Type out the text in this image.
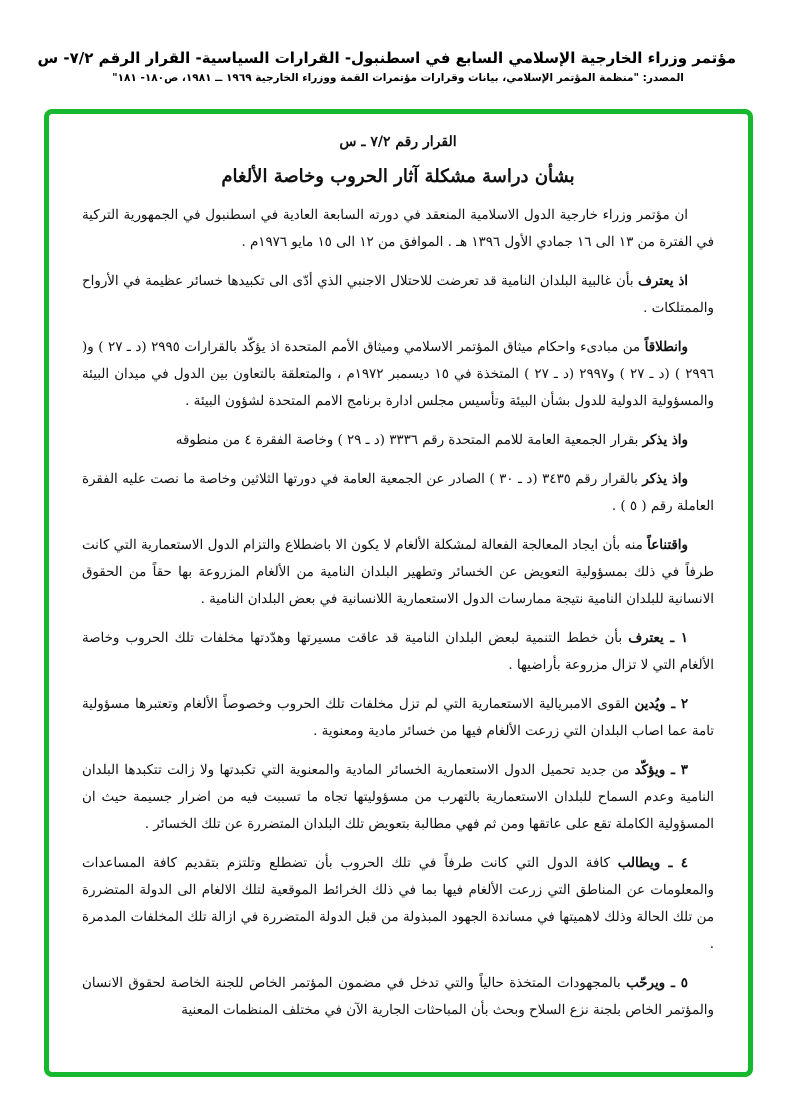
مؤتمر وزراء الخارجية الإسلامي السابع في اسطنبول- القرارات السياسية- القرار الرقم ٧/٢- س
المصدر: "منظمة المؤتمر الإسلامي، بيانات وقرارات مؤتمرات القمة ووزراء الخارجية ١٩٦٩ ــ ١٩٨١، ص١٨٠- ١٨١"
القرار رقم ٧/٢ ـ س
بشأن دراسة مشكلة آثار الحروب وخاصة الألغام

ان مؤتمر وزراء خارجية الدول الاسلامية المنعقد في دورته السابعة العادية في اسطنبول في الجمهورية التركية في الفترة من ١٣ الى ١٦ جمادي الأول ١٣٩٦ هـ . الموافق من ١٢ الى ١٥ مايو ١٩٧٦م .

اذ يعترف بأن غالبية البلدان النامية قد تعرضت للاحتلال الاجنبي الذي أدّى الى تكبيدها خسائر عظيمة في الأرواح والممتلكات .

وانطلاقاً من مبادىء واحكام ميثاق المؤتمر الاسلامي وميثاق الأمم المتحدة اذ يؤكّد بالقرارات ٢٩٩٥ (د ـ ٢٧ ) و( ٢٩٩٦ ) (د ـ ٢٧ ) و٢٩٩٧ (د ـ ٢٧ ) المتخذة في ١٥ ديسمبر ١٩٧٢م ، والمتعلقة بالتعاون بين الدول في ميدان البيئة والمسؤولية الدولية للدول بشأن البيئة وتأسيس مجلس ادارة برنامج الامم المتحدة لشؤون البيئة .

واذ يذكر بقرار الجمعية العامة للامم المتحدة رقم ٣٣٣٦ (د ـ ٢٩ ) وخاصة الفقرة ٤ من منطوقه

واذ يذكر بالقرار رقم ٣٤٣٥ (د ـ ٣٠ ) الصادر عن الجمعية العامة في دورتها الثلاثين وخاصة ما نصت عليه الفقرة العاملة رقم ( ٥ ) .

واقتناعاً منه بأن ايجاد المعالجة الفعالة لمشكلة الألغام لا يكون الا باضطلاع والتزام الدول الاستعمارية التي كانت طرفاً في ذلك بمسؤولية التعويض عن الخسائر وتطهير البلدان النامية من الألغام المزروعة بها حقاً من الحقوق الانسانية للبلدان النامية نتيجة ممارسات الدول الاستعمارية اللانسانية في بعض البلدان النامية .

١ ـ يعترف بأن خطط التنمية لبعض البلدان النامية قد عاقت مسيرتها وهدّدتها مخلفات تلك الحروب وخاصة الألغام التي لا تزال مزروعة بأراضيها .

٢ ـ ويُدين القوى الامبريالية الاستعمارية التي لم تزل مخلفات تلك الحروب وخصوصاً الألغام وتعتبرها مسؤولية تامة عما اصاب البلدان التي زرعت الألغام فيها من خسائر مادية ومعنوية .

٣ ـ ويؤكّد من جديد تحميل الدول الاستعمارية الخسائر المادية والمعنوية التي تكبدتها ولا زالت تتكبدها البلدان النامية وعدم السماح للبلدان الاستعمارية بالتهرب من مسؤوليتها تجاه ما تسببت فيه من اضرار جسيمة حيث ان المسؤولية الكاملة تقع على عاتقها ومن ثم فهي مطالبة بتعويض تلك البلدان المتضررة عن تلك الخسائر .

٤ ـ ويطالب كافة الدول التي كانت طرفاً في تلك الحروب بأن تضطلع وتلتزم بتقديم كافة المساعدات والمعلومات عن المناطق التي زرعت الألغام فيها بما في ذلك الخرائط الموقعية لتلك الالغام الى الدولة المتضررة من تلك الحالة وذلك لاهميتها في مساندة الجهود المبذولة من قبل الدولة المتضررة في ازالة تلك المخلفات المدمرة .

٥ ـ ويرحّب بالمجهودات المتخذة حالياً والتي تدخل في مضمون المؤتمر الخاص للجنة الخاصة لحقوق الانسان والمؤتمر الخاص بلجنة نزع السلاح وبحث بأن المباحثات الجارية الآن في مختلف المنظمات المعنية
